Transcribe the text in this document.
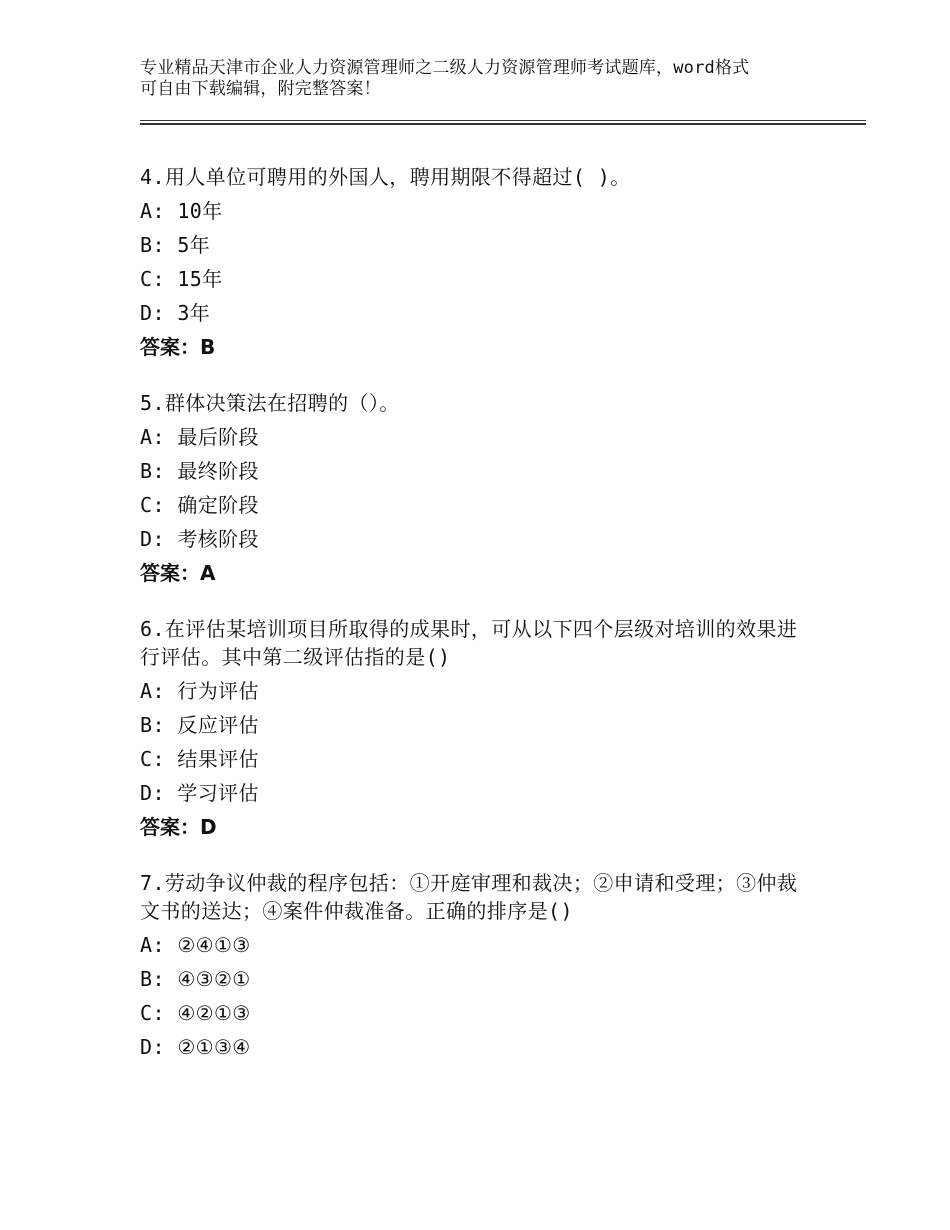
专业精品天津市企业人力资源管理师之二级人力资源管理师考试题库，word格式
可自由下载编辑，附完整答案！
4.用人单位可聘用的外国人，聘用期限不得超过( )。
A: 10年
B: 5年
C: 15年
D: 3年
答案：B
5.群体决策法在招聘的（）。
A: 最后阶段
B: 最终阶段
C: 确定阶段
D: 考核阶段
答案：A
6.在评估某培训项目所取得的成果时，可从以下四个层级对培训的效果进行评估。其中第二级评估指的是()
A: 行为评估
B: 反应评估
C: 结果评估
D: 学习评估
答案：D
7.劳动争议仲裁的程序包括：①开庭审理和裁决；②申请和受理；③仲裁文书的送达；④案件仲裁准备。正确的排序是()
A: ②④①③
B: ④③②①
C: ④②①③
D: ②①③④
